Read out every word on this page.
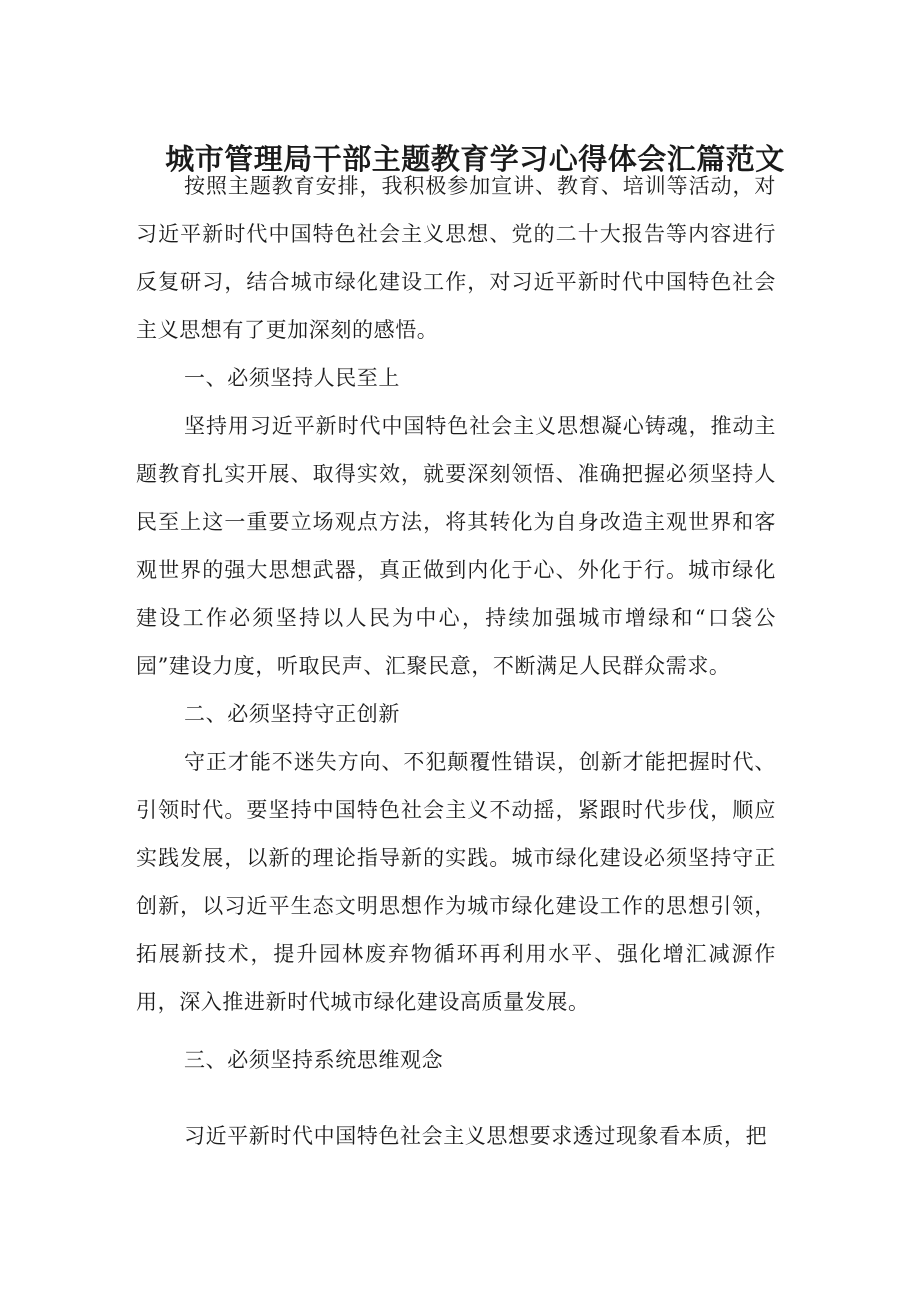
城市管理局干部主题教育学习心得体会汇篇范文

按照主题教育安排，我积极参加宣讲、教育、培训等活动，对习近平新时代中国特色社会主义思想、党的二十大报告等内容进行反复研习，结合城市绿化建设工作，对习近平新时代中国特色社会主义思想有了更加深刻的感悟。

一、必须坚持人民至上

坚持用习近平新时代中国特色社会主义思想凝心铸魂，推动主题教育扎实开展、取得实效，就要深刻领悟、准确把握必须坚持人民至上这一重要立场观点方法，将其转化为自身改造主观世界和客观世界的强大思想武器，真正做到内化于心、外化于行。城市绿化建设工作必须坚持以人民为中心，持续加强城市增绿和“口袋公园”建设力度，听取民声、汇聚民意，不断满足人民群众需求。

二、必须坚持守正创新

守正才能不迷失方向、不犯颠覆性错误，创新才能把握时代、引领时代。要坚持中国特色社会主义不动摇，紧跟时代步伐，顺应实践发展，以新的理论指导新的实践。城市绿化建设必须坚持守正创新，以习近平生态文明思想作为城市绿化建设工作的思想引领，拓展新技术，提升园林废弃物循环再利用水平、强化增汇减源作用，深入推进新时代城市绿化建设高质量发展。

三、必须坚持系统思维观念

习近平新时代中国特色社会主义思想要求透过现象看本质，把
